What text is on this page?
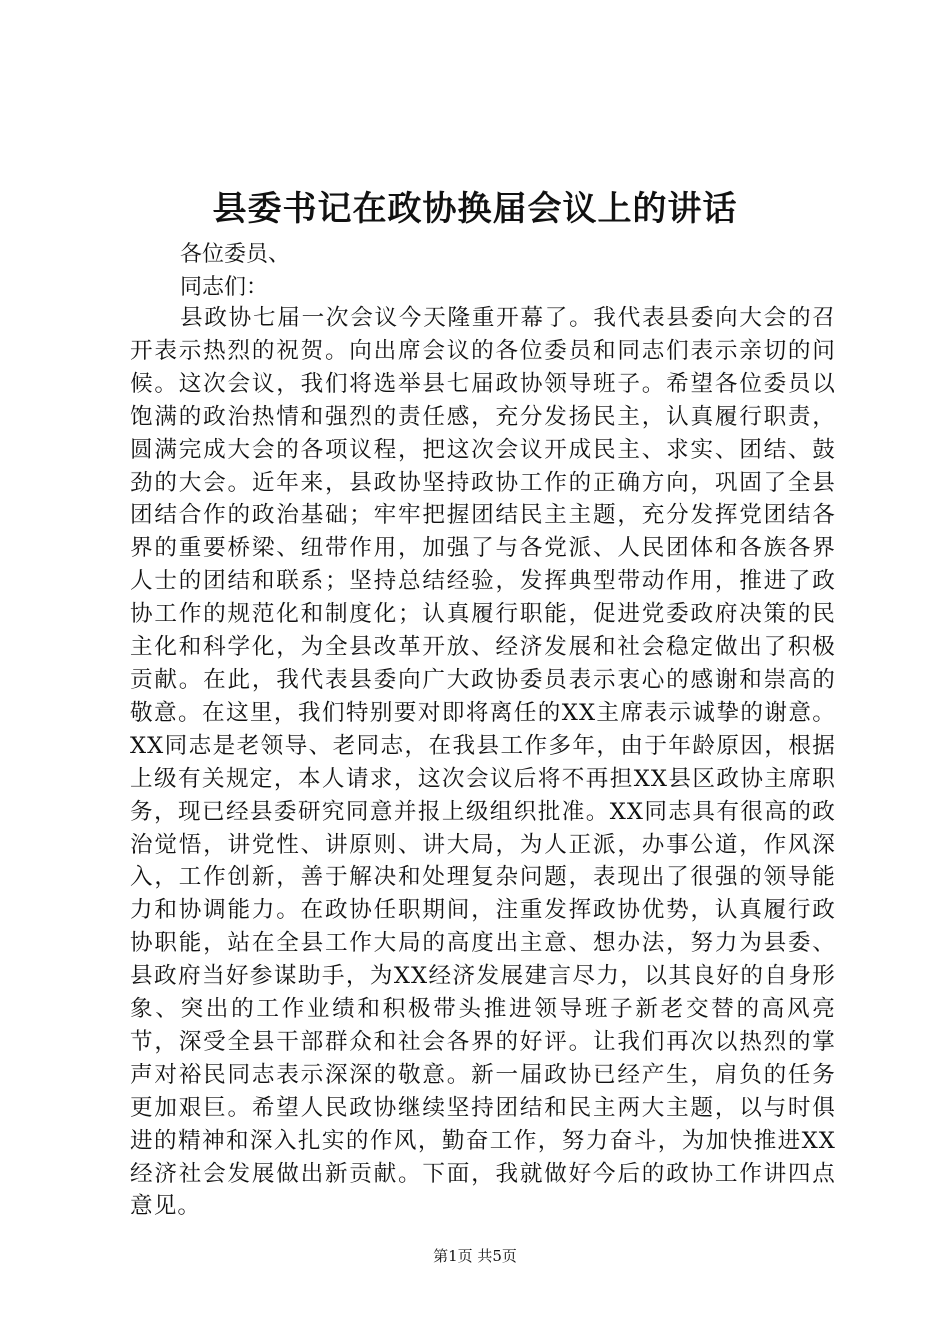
县委书记在政协换届会议上的讲话

各位委员、

同志们：

县政协七届一次会议今天隆重开幕了。我代表县委向大会的召开表示热烈的祝贺。向出席会议的各位委员和同志们表示亲切的问候。这次会议，我们将选举县七届政协领导班子。希望各位委员以饱满的政治热情和强烈的责任感，充分发扬民主，认真履行职责，圆满完成大会的各项议程，把这次会议开成民主、求实、团结、鼓劲的大会。近年来，县政协坚持政协工作的正确方向，巩固了全县团结合作的政治基础；牢牢把握团结民主主题，充分发挥党团结各界的重要桥梁、纽带作用，加强了与各党派、人民团体和各族各界人士的团结和联系；坚持总结经验，发挥典型带动作用，推进了政协工作的规范化和制度化；认真履行职能，促进党委政府决策的民主化和科学化，为全县改革开放、经济发展和社会稳定做出了积极贡献。在此，我代表县委向广大政协委员表示衷心的感谢和崇高的敬意。在这里，我们特别要对即将离任的XX主席表示诚挚的谢意。XX同志是老领导、老同志，在我县工作多年，由于年龄原因，根据上级有关规定，本人请求，这次会议后将不再担XX县区政协主席职务，现已经县委研究同意并报上级组织批准。XX同志具有很高的政治觉悟，讲党性、讲原则、讲大局，为人正派，办事公道，作风深入，工作创新，善于解决和处理复杂问题，表现出了很强的领导能力和协调能力。在政协任职期间，注重发挥政协优势，认真履行政协职能，站在全县工作大局的高度出主意、想办法，努力为县委、县政府当好参谋助手，为XX经济发展建言尽力，以其良好的自身形象、突出的工作业绩和积极带头推进领导班子新老交替的高风亮节，深受全县干部群众和社会各界的好评。让我们再次以热烈的掌声对裕民同志表示深深的敬意。新一届政协已经产生，肩负的任务更加艰巨。希望人民政协继续坚持团结和民主两大主题，以与时俱进的精神和深入扎实的作风，勤奋工作，努力奋斗，为加快推进XX经济社会发展做出新贡献。下面，我就做好今后的政协工作讲四点意见。

第1页 共5页
